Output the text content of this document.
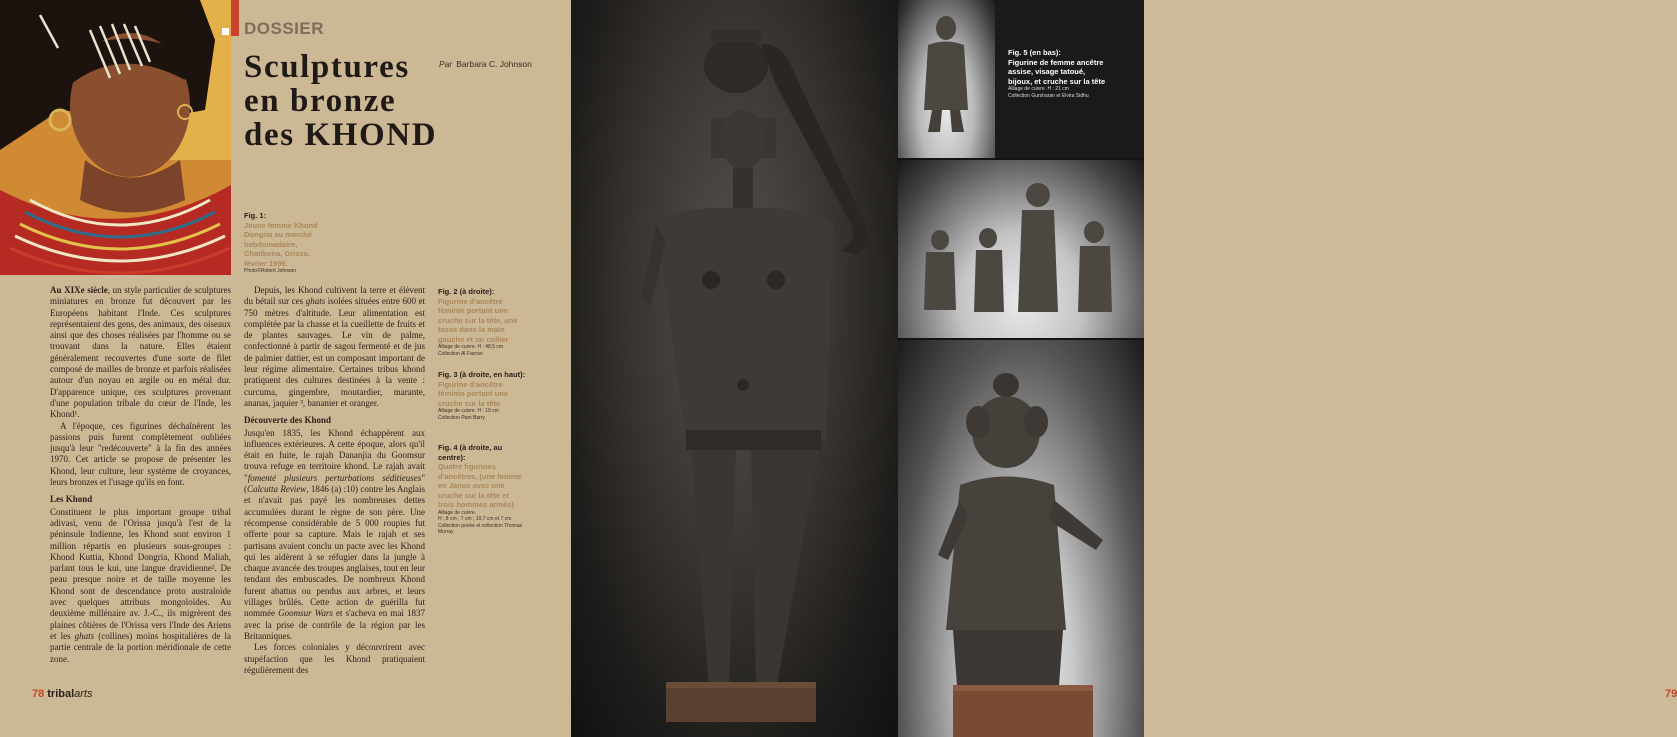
DOSSIER
Sculptures
en bronze
des KHOND
Par Barbara C. Johnson
Fig. 1:
Jeune femme Khond Dongria au marché hebdomadaire, Chatikona, Orissa, février 1999.
Photo©Robert Johnson
Fig. 2 (à droite):
Figurine d'ancêtre féminin portant une cruche sur la tête, une tasse dans la main gauche et un collier
Alliage de cuivre. H : 48,5 cm
Collection Al Farrow
Fig. 3 (à droite, en haut):
Figurine d'ancêtre féminin portant une cruche sur la tête
Alliage de cuivre. H : 10 cm
Collection Pam Barry
Fig. 4 (à droite, au centre):
Quatre figurines d'ancêtres, (une femme en Janus avec une cruche sur la tête et trois hommes armés)
Alliage de cuivre.
H : 8 cm ; 7 cm ; 10,7 cm et 7 cm
Collection privée et collection Thomas Murray

Au XIXe siècle, un style particulier de sculptures miniatures en bronze fut découvert par les Européens habitant l'Inde. Ces sculptures représentaient des gens, des animaux, des oiseaux ainsi que des choses réalisées par l'homme ou se trouvant dans la nature. Elles étaient généralement recouvertes d'une sorte de filet composé de mailles de bronze et parfois réalisées autour d'un noyau en argile ou en métal dur. D'apparence unique, ces sculptures provenant d'une population tribale du cœur de l'Inde, les Khond¹.

A l'époque, ces figurines déchaînèrent les passions puis furent complètement oubliées jusqu'à leur "redécouverte" à la fin des années 1970. Cet article se propose de présenter les Khond, leur culture, leur système de croyances, leurs bronzes et l'usage qu'ils en font.

Les Khond

Constituent le plus important groupe tribal adivasi, venu de l'Orissa jusqu'à l'est de la péninsule Indienne, les Khond sont environ 1 million répartis en plusieurs sous-groupes : Khond Kuttia, Khond Dongria, Khond Maliah, parlant tous le kui, une langue dravidienne². De peau presque noire et de taille moyenne les Khond sont de descendance proto australoïde avec quelques attributs mongoloïdes. Au deuxième millénaire av. J.-C., ils migrèrent des plaines côtières de l'Orissa vers l'Inde des Ariens et les ghats (collines) moins hospitalières de la partie centrale de la portion méridionale de cette zone.

Depuis, les Khond cultivent la terre et élèvent du bétail sur ces ghats isolées situées entre 600 et 750 mètres d'altitude. Leur alimentation est complétée par la chasse et la cueillette de fruits et de plantes sauvages. Le vin de palme, confectionné à partir de sagou fermenté et de jus de palmier dattier, est un composant important de leur régime alimentaire. Certaines tribus khond pratiquent des cultures destinées à la vente : curcuma, gingembre, moutardier, marante, ananas, jaquier ³, bananier et oranger.

Découverte des Khond

Jusqu'en 1835, les Khond échappèrent aux influences extérieures. A cette époque, alors qu'il était en fuite, le rajah Dananjia du Goomsur trouva refuge en territoire khond. Le rajah avait "fomenté plusieurs perturbations séditieuses" (Calcutta Review, 1846 (a) :10) contre les Anglais et n'avait pas payé les nombreuses dettes accumulées durant le règne de son père. Une récompense considérable de 5 000 roupies fut offerte pour sa capture. Mais le rajah et ses partisans avaient conclu un pacte avec les Khond qui les aidèrent à se réfugier dans la jungle à chaque avancée des troupes anglaises, tout en leur tendant des embuscades. De nombreux Khond furent abattus ou pendus aux arbres, et leurs villages brûlés. Cette action de guérilla fut nommée Goomsur Wars et s'acheva en mai 1837 avec la prise de contrôle de la région par les Britanniques.

Les forces coloniales y découvrirent avec stupéfaction que les Khond pratiquaient régulièrement des

78 tribalarts
Fig. 5 (en bas):
Figurine de femme ancêtre assise, visage tatoué, bijoux, et cruche sur la tête
Alliage de cuivre. H : 21 cm
Collection Gursharan et Elvira Sidhu
79
